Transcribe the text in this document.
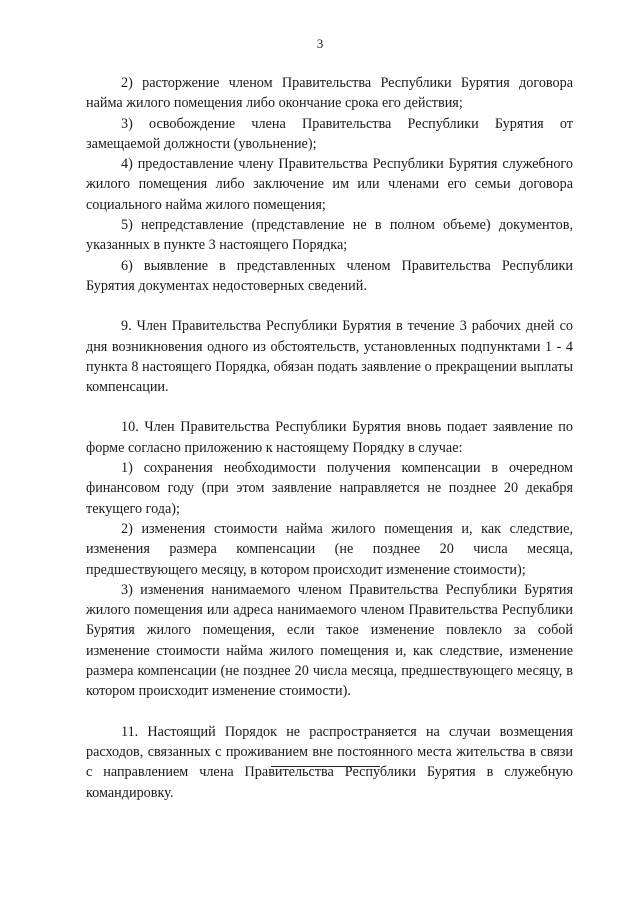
3

2) расторжение членом Правительства Республики Бурятия договора найма жилого помещения либо окончание срока его действия;

3) освобождение члена Правительства Республики Бурятия от замещаемой должности (увольнение);

4) предоставление члену Правительства Республики Бурятия служебного жилого помещения либо заключение им или членами его семьи договора социального найма жилого помещения;

5) непредставление (представление не в полном объеме) документов, указанных в пункте 3 настоящего Порядка;

6) выявление в представленных членом Правительства Республики Бурятия документах недостоверных сведений.

9. Член Правительства Республики Бурятия в течение 3 рабочих дней со дня возникновения одного из обстоятельств, установленных подпунктами 1 - 4 пункта 8 настоящего Порядка, обязан подать заявление о прекращении выплаты компенсации.

10. Член Правительства Республики Бурятия вновь подает заявление по форме согласно приложению к настоящему Порядку в случае:

1) сохранения необходимости получения компенсации в очередном финансовом году (при этом заявление направляется не позднее 20 декабря текущего года);

2) изменения стоимости найма жилого помещения и, как следствие, изменения размера компенсации (не позднее 20 числа месяца, предшествующего месяцу, в котором происходит изменение стоимости);

3) изменения нанимаемого членом Правительства Республики Бурятия жилого помещения или адреса нанимаемого членом Правительства Республики Бурятия жилого помещения, если такое изменение повлекло за собой изменение стоимости найма жилого помещения и, как следствие, изменение размера компенсации (не позднее 20 числа месяца, предшествующего месяцу, в котором происходит изменение стоимости).

11. Настоящий Порядок не распространяется на случаи возмещения расходов, связанных с проживанием вне постоянного места жительства в связи с направлением члена Правительства Республики Бурятия в служебную командировку.
